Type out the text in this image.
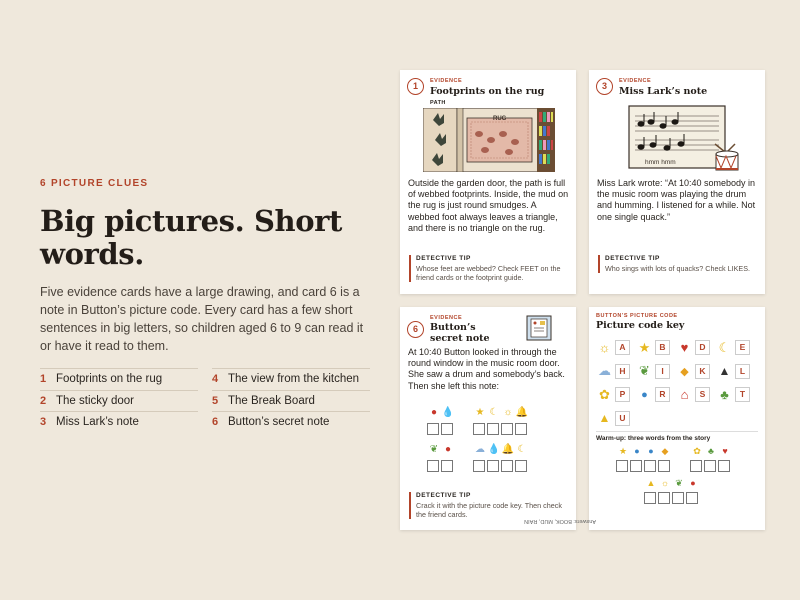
6 PICTURE CLUES
Big pictures. Short words.
Five evidence cards have a large drawing, and card 6 is a note in Button’s picture code. Every card has a few short sentences in big letters, so children aged 6 to 9 can read it or have it read to them.
1 Footprints on the rug	4 The view from the kitchen
2 The sticky door	5 The Break Board
3 Miss Lark’s note	6 Button’s secret note
1	EVIDENCE
Footprints on the rug
PATH
RUG
Outside the garden door, the path is full of webbed footprints. Inside, the mud on the rug is just round smudges. A webbed foot always leaves a triangle, and there is no triangle on the rug.
DETECTIVE TIP
Whose feet are webbed? Check FEET on the friend cards or the footprint guide.
3	EVIDENCE
Miss Lark’s note
hmm hmm
Miss Lark wrote: “At 10:40 somebody in the music room was playing the drum and humming. I listened for a while. Not one single quack.”
DETECTIVE TIP
Who sings with lots of quacks? Check LIKES.
6
EVIDENCE
Button’s
secret note
At 10:40 Button looked in through the round window in the music room door. She saw a drum and somebody’s back. Then she left this note:
● 💧 ★ ☾ ☼ 🔔
❦ ●	☁ 💧 🔔 ☾
DETECTIVE TIP
Crack it with the picture code key. Then check the friend cards.
BUTTON’S PICTURE CODE
Picture code key
☼	A	★	B	♥	D	☾	E
☁ H	❦	I	◆	K	▲	L
✿	P	●	R	⌂	S	♣	T
▲	U
Warm-up: three words from the story
★ ● ● ◆	✿ ♣ ♥
▲ ☼ ❦ ●
Answers: BOOK, MUD, RAIN
